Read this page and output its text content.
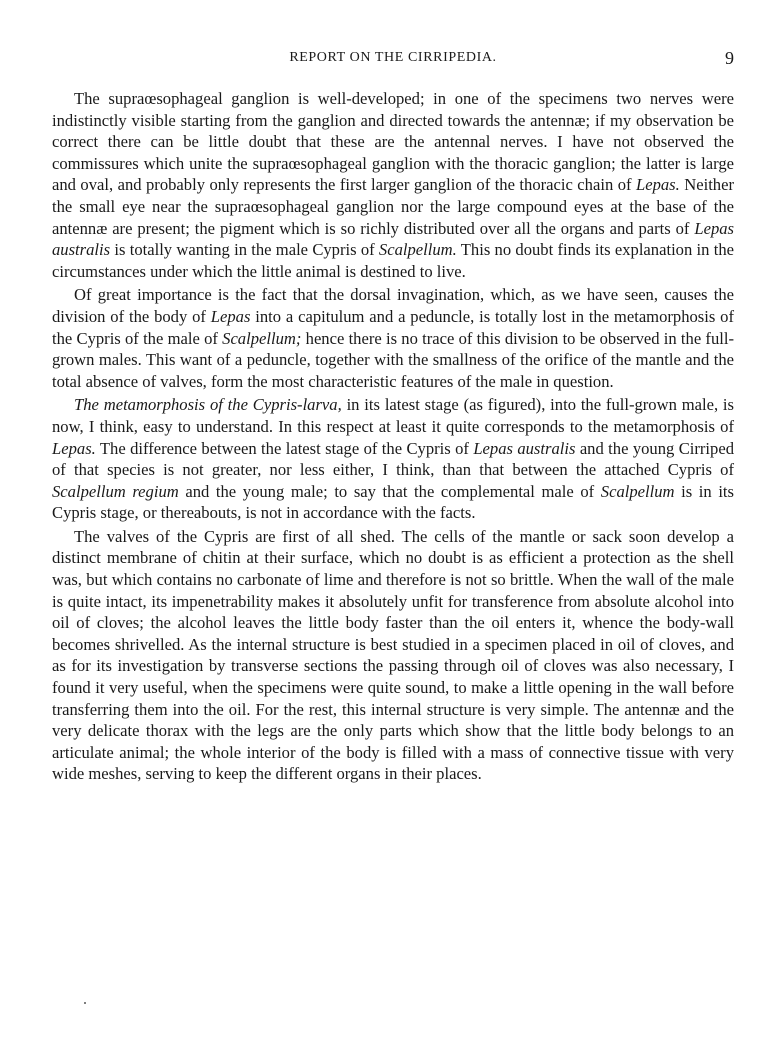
REPORT ON THE CIRRIPEDIA.	9

The supraœsophageal ganglion is well-developed; in one of the specimens two nerves were indistinctly visible starting from the ganglion and directed towards the antennæ; if my observation be correct there can be little doubt that these are the antennal nerves. I have not observed the commissures which unite the supraœsophageal ganglion with the thoracic ganglion; the latter is large and oval, and probably only represents the first larger ganglion of the thoracic chain of Lepas. Neither the small eye near the supraœsophageal ganglion nor the large compound eyes at the base of the antennæ are present; the pigment which is so richly distributed over all the organs and parts of Lepas australis is totally wanting in the male Cypris of Scalpellum. This no doubt finds its explanation in the circumstances under which the little animal is destined to live.

Of great importance is the fact that the dorsal invagination, which, as we have seen, causes the division of the body of Lepas into a capitulum and a peduncle, is totally lost in the metamorphosis of the Cypris of the male of Scalpellum; hence there is no trace of this division to be observed in the full-grown males. This want of a peduncle, together with the smallness of the orifice of the mantle and the total absence of valves, form the most characteristic features of the male in question.

The metamorphosis of the Cypris-larva, in its latest stage (as figured), into the full-grown male, is now, I think, easy to understand. In this respect at least it quite corresponds to the metamorphosis of Lepas. The difference between the latest stage of the Cypris of Lepas australis and the young Cirriped of that species is not greater, nor less either, I think, than that between the attached Cypris of Scalpellum regium and the young male; to say that the complemental male of Scalpellum is in its Cypris stage, or thereabouts, is not in accordance with the facts.

The valves of the Cypris are first of all shed. The cells of the mantle or sack soon develop a distinct membrane of chitin at their surface, which no doubt is as efficient a protection as the shell was, but which contains no carbonate of lime and therefore is not so brittle. When the wall of the male is quite intact, its impenetrability makes it absolutely unfit for transference from absolute alcohol into oil of cloves; the alcohol leaves the little body faster than the oil enters it, whence the body-wall becomes shrivelled. As the internal structure is best studied in a specimen placed in oil of cloves, and as for its investigation by transverse sections the passing through oil of cloves was also necessary, I found it very useful, when the specimens were quite sound, to make a little opening in the wall before transferring them into the oil. For the rest, this internal structure is very simple. The antennæ and the very delicate thorax with the legs are the only parts which show that the little body belongs to an articulate animal; the whole interior of the body is filled with a mass of connective tissue with very wide meshes, serving to keep the different organs in their places.
